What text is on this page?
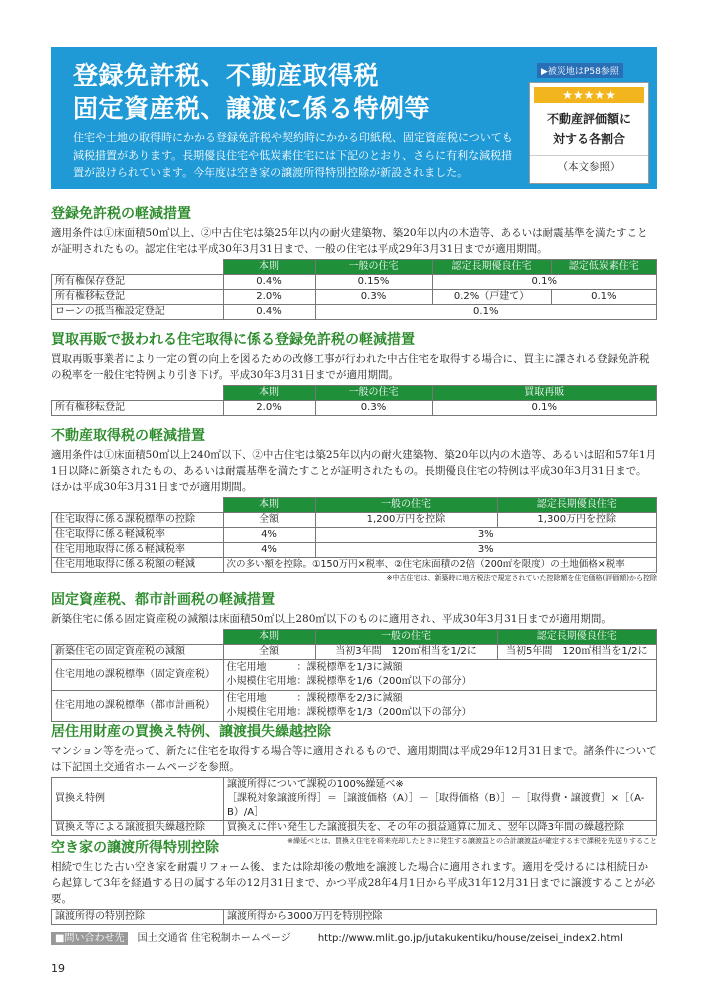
登録免許税、不動産取得税
固定資産税、譲渡に係る特例等
住宅や土地の取得時にかかる登録免許税や契約時にかかる印紙税、固定資産税についても減税措置があります。長期優良住宅や低炭素住宅には下記のとおり、さらに有利な減税措置が設けられています。今年度は空き家の譲渡所得特別控除が新設されました。
▶被災地はP58参照
★★★★★
不動産評価額に
対する各割合
（本文参照）
登録免許税の軽減措置

適用条件は①床面積50㎡以上、②中古住宅は築25年以内の耐火建築物、築20年以内の木造等、あるいは耐震基準を満たすことが証明されたもの。認定住宅は平成30年3月31日まで、一般の住宅は平成29年3月31日までが適用期間。

	本則	一般の住宅	認定長期優良住宅	認定低炭素住宅
所有権保存登記	0.4%	0.15%	0.1%	
所有権移転登記	2.0%	0.3%	0.2%（戸建て）	0.1%
ローンの抵当権設定登記	0.4%	0.1%		
買取再販で扱われる住宅取得に係る登録免許税の軽減措置

買取再販事業者により一定の質の向上を図るための改修工事が行われた中古住宅を取得する場合に、買主に課される登録免許税の税率を一般住宅特例より引き下げ。平成30年3月31日までが適用期間。

	本則	一般の住宅	買取再販
所有権移転登記	2.0%	0.3%	0.1%
不動産取得税の軽減措置

適用条件は①床面積50㎡以上240㎡以下、②中古住宅は築25年以内の耐火建築物、築20年以内の木造等、あるいは昭和57年1月1日以降に新築されたもの、あるいは耐震基準を満たすことが証明されたもの。長期優良住宅の特例は平成30年3月31日まで。ほかは平成30年3月31日までが適用期間。

	本則	一般の住宅	認定長期優良住宅
住宅取得に係る課税標準の控除	全額	1,200万円を控除	1,300万円を控除
住宅取得に係る軽減税率	4%	3%	
住宅用地取得に係る軽減税率	4%	3%	
住宅用地取得に係る税額の軽減	次の多い額を控除。①150万円×税率、②住宅床面積の2倍（200㎡を限度）の土地価格×税率		
※中古住宅は、新築時に地方税法で規定されていた控除額を住宅価格(評価額)から控除
固定資産税、都市計画税の軽減措置

新築住宅に係る固定資産税の減額は床面積50㎡以上280㎡以下のものに適用され、平成30年3月31日までが適用期間。

	本則	一般の住宅	認定長期優良住宅
新築住宅の固定資産税の減額	全額	当初3年間　120㎡相当を1/2に	当初5年間　120㎡相当を1/2に
住宅用地の課税標準（固定資産税）	住宅用地　　　：課税標準を1/3に減額
小規模住宅用地：課税標準を1/6（200㎡以下の部分）		

住宅用地の課税標準（都市計画税）	住宅用地　　　：課税標準を2/3に減額
小規模住宅用地：課税標準を1/3（200㎡以下の部分）		
居住用財産の買換え特例、譲渡損失繰越控除

マンション等を売って、新たに住宅を取得する場合等に適用されるもので、適用期間は平成29年12月31日まで。諸条件については下記国土交通省ホームページを参照。

買換え特例	譲渡所得について課税の100%繰延べ※
［課税対象譲渡所得］＝［譲渡価格（A）］－［取得価格（B）］－［取得費・譲渡費］×［（A-B）/A］

買換え等による譲渡損失繰越控除	買換えに伴い発生した譲渡損失を、その年の損益通算に加え、翌年以降3年間の繰越控除
※繰延べとは、買換え住宅を将来売却したときに発生する譲渡益との合計譲渡益が確定するまで課税を先送りすること
空き家の譲渡所得特別控除

相続で生じた古い空き家を耐震リフォーム後、または除却後の敷地を譲渡した場合に適用されます。適用を受けるには相続日から起算して3年を経過する日の属する年の12月31日まで、かつ平成28年4月1日から平成31年12月31日までに譲渡することが必要。

譲渡所得の特別控除	譲渡所得から3000万円を特別控除
■問い合わせ先 国土交通省 住宅税制ホームページ	http://www.mlit.go.jp/jutakukentiku/house/zeisei_index2.html
19
